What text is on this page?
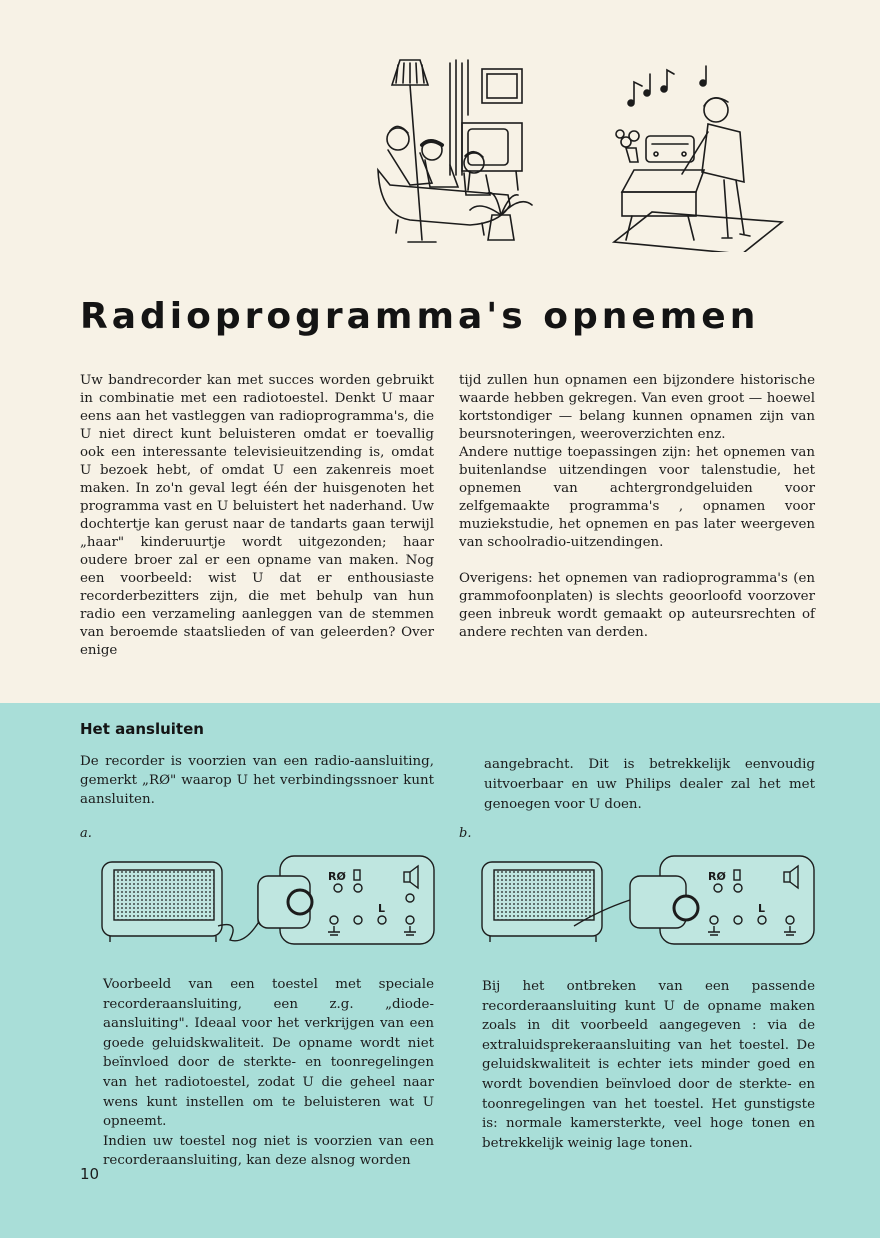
Radioprogramma's opnemen

Uw bandrecorder kan met succes worden gebruikt in combinatie met een radiotoestel. Denkt U maar eens aan het vastleggen van radioprogramma's, die U niet direct kunt beluisteren omdat er toevallig ook een interessante televisieuitzending is, omdat U bezoek hebt, of omdat U een zakenreis moet maken. In zo'n geval legt één der huisgenoten het programma vast en U beluistert het naderhand. Uw dochtertje kan gerust naar de tandarts gaan terwijl „haar" kinderuurtje wordt uitgezonden; haar oudere broer zal er een opname van maken. Nog een voorbeeld: wist U dat er enthousiaste recorderbezitters zijn, die met behulp van hun radio een verzameling aanleggen van de stemmen van beroemde staatslieden of van geleerden? Over enige

tijd zullen hun opnamen een bijzondere historische waarde hebben gekregen. Van even groot — hoewel kortstondiger — belang kunnen opnamen zijn van beursnoteringen, weeroverzichten enz.

Andere nuttige toepassingen zijn: het opnemen van buitenlandse uitzendingen voor talenstudie, het opnemen van achtergrondgeluiden voor zelfgemaakte programma's , opnamen voor muziekstudie, het opnemen en pas later weergeven van schoolradio-uitzendingen.

Overigens: het opnemen van radioprogramma's (en grammofoonplaten) is slechts geoorloofd voorzover geen inbreuk wordt gemaakt op auteursrechten of andere rechten van derden.

Het aansluiten

De recorder is voorzien van een radio-aansluiting, gemerkt „RØ" waarop U het verbindingssnoer kunt aansluiten.

aangebracht. Dit is betrekkelijk eenvoudig uitvoerbaar en uw Philips dealer zal het met genoegen voor U doen.

a.	b.
RØ
L
RØ
L

Voorbeeld van een toestel met speciale recorderaansluiting, een z.g. „diode-aansluiting". Ideaal voor het verkrijgen van een goede geluidskwaliteit. De opname wordt niet beïnvloed door de sterkte- en toonregelingen van het radiotoestel, zodat U die geheel naar wens kunt instellen om te beluisteren wat U opneemt.

Indien uw toestel nog niet is voorzien van een recorderaansluiting, kan deze alsnog worden

Bij het ontbreken van een passende recorderaansluiting kunt U de opname maken zoals in dit voorbeeld aangegeven : via de extraluidsprekeraansluiting van het toestel. De geluidskwaliteit is echter iets minder goed en wordt bovendien beïnvloed door de sterkte- en toonregelingen van het toestel. Het gunstigste is: normale kamersterkte, veel hoge tonen en betrekkelijk weinig lage tonen.

10
